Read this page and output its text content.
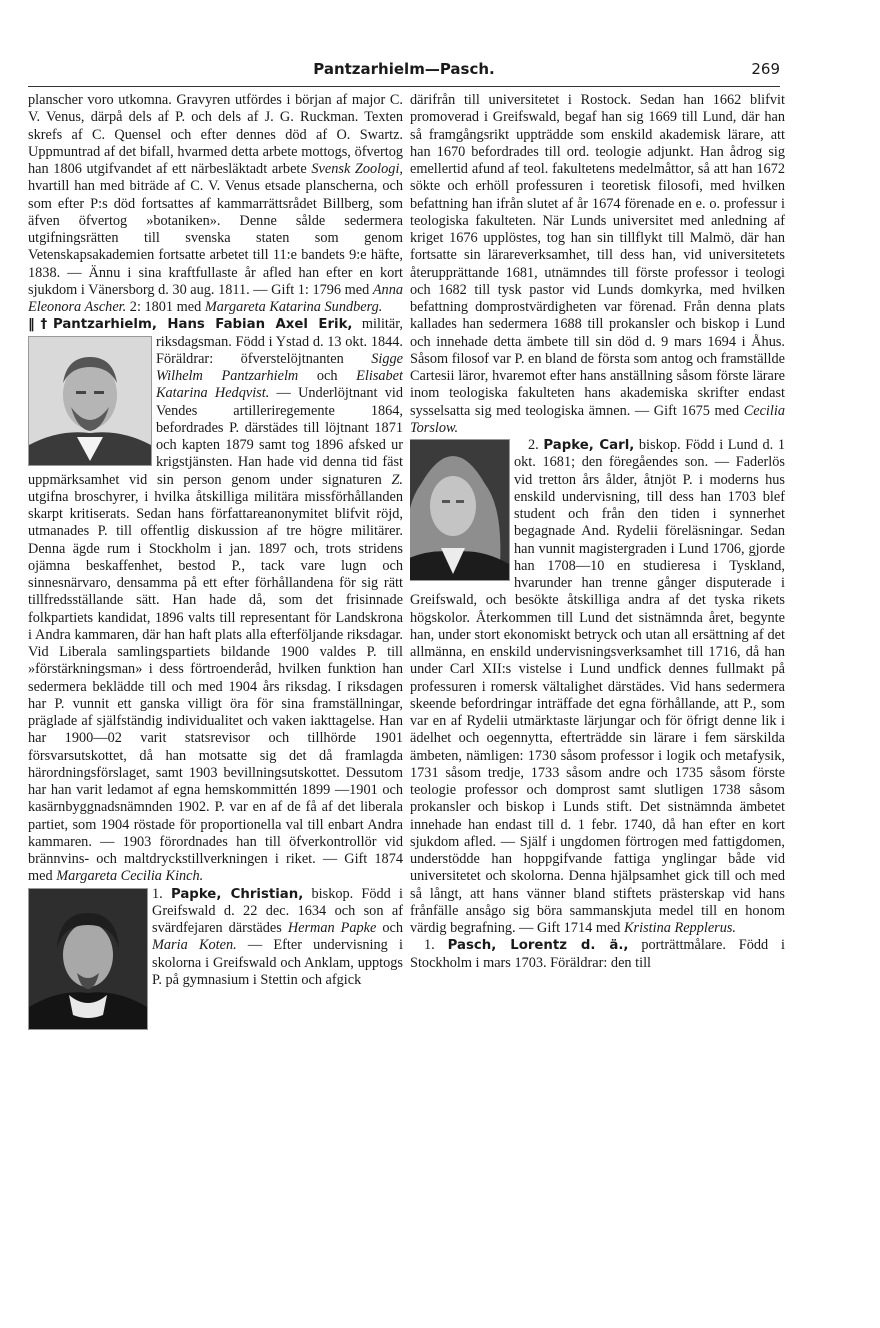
Pantzarhielm—Pasch.	269

planscher voro utkomna. Gravyren utfördes i början af major C. V. Venus, därpå dels af P. och dels af J. G. Ruckman. Texten skrefs af C. Quensel och efter dennes död af O. Swartz. Uppmuntrad af det bifall, hvarmed detta arbete mottogs, öfvertog han 1806 utgifvandet af ett närbesläktadt arbete Svensk Zoologi, hvartill han med biträde af C. V. Venus etsade planscherna, och som efter P:s död fortsattes af kammarrättsrådet Billberg, som äfven öfvertog »botaniken». Denne sålde sedermera utgifningsrätten till svenska staten som genom Vetenskapsakademien fortsatte arbetet till 11:e bandets 9:e häfte, 1838. — Ännu i sina kraftfullaste år afled han efter en kort sjukdom i Vänersborg d. 30 aug. 1811. — Gift 1: 1796 med Anna Eleonora Ascher. 2: 1801 med Margareta Katarina Sundberg.

‖†Pantzarhielm, Hans Fabian Axel Erik,
militär, riksdagsman. Född i Ystad d. 13 okt. 1844. Föräldrar: öfverstelöjtnanten Sigge Wilhelm Pantzarhielm och Elisabet Katarina Hedqvist. — Underlöjtnant vid Vendes artilleriregemente 1864, befordrades P. därstädes till löjtnant 1871 och kapten 1879 samt tog 1896 afsked ur krigstjänsten. Han hade vid denna tid fäst uppmärksamhet vid sin person genom under signaturen Z. utgifna broschyrer, i hvilka åtskilliga militära missförhållanden skarpt kritiserats. Sedan hans författareanonymitet blifvit röjd, utmanades P. till offentlig diskussion af tre högre militärer. Denna ägde rum i Stockholm i jan. 1897 och, trots stridens ojämna beskaffenhet, bestod P., tack vare lugn och sinnesnärvaro, densamma på ett efter förhållandena för sig rätt tillfredsställande sätt. Han hade då, som det frisinnade folkpartiets kandidat, 1896 valts till representant för Landskrona i Andra kammaren, där han haft plats alla efterföljande riksdagar. Vid Liberala samlingspartiets bildande 1900 valdes P. till »förstärkningsman» i dess förtroenderåd, hvilken funktion han sedermera beklädde till och med 1904 års riksdag. I riksdagen har P. vunnit ett ganska villigt öra för sina framställningar, präglade af själfständig individualitet och vaken iakttagelse. Han har 1900—02 varit statsrevisor och tillhörde 1901 försvarsutskottet, då han motsatte sig det då framlagda härordningsförslaget, samt 1903 bevillningsutskottet. Dessutom har han varit ledamot af egna hemskommittén 1899 —1901 och kasärnbyggnadsnämnden 1902. P. var en af de få af det liberala partiet, som 1904 röstade för proportionella val till enbart Andra kammaren. — 1903 förordnades han till öfverkontrollör vid brännvins- och maltdryckstillverkningen i riket. — Gift 1874 med Margareta Cecilia Kinch.

1. Papke, Christian, biskop. Född i Greifswald d. 22 dec. 1634 och son af svärdfejaren därstädes Herman Papke och Maria Koten. — Efter undervisning i skolorna i Greifswald och Anklam, upptogs P. på gymnasium i Stettin och afgick

därifrån till universitetet i Rostock. Sedan han 1662 blifvit promoverad i Greifswald, begaf han sig 1669 till Lund, där han så framgångsrikt uppträdde som enskild akademisk lärare, att han 1670 befordrades till ord. teologie adjunkt. Han ådrog sig emellertid afund af teol. fakultetens medelmåttor, så att han 1672 sökte och erhöll professuren i teoretisk filosofi, med hvilken befattning han ifrån slutet af år 1674 förenade en e. o. professur i teologiska fakulteten. När Lunds universitet med anledning af kriget 1676 upplöstes, tog han sin tillflykt till Malmö, där han fortsatte sin lärareverksamhet, till dess han, vid universitetets återupprättande 1681, utnämndes till förste professor i teologi och 1682 till tysk pastor vid Lunds domkyrka, med hvilken befattning domprostvärdigheten var förenad. Från denna plats kallades han sedermera 1688 till prokansler och biskop i Lund och innehade detta ämbete till sin död d. 9 mars 1694 i Åhus. Såsom filosof var P. en bland de första som antog och framställde Cartesii läror, hvaremot efter hans anställning såsom förste lärare inom teologiska fakulteten hans akademiska skrifter endast sysselsatta sig med teologiska ämnen. — Gift 1675 med Cecilia Torslow.

2. Papke, Carl,
biskop. Född i Lund d. 1 okt. 1681; den föregåendes son. — Faderlös vid tretton års ålder, åtnjöt P. i moderns hus enskild undervisning, till dess han 1703 blef student och från den tiden i synnerhet begagnade And. Rydelii föreläsningar. Sedan han vunnit magistergraden i Lund 1706, gjorde han 1708—10 en studieresa i Tyskland, hvarunder han trenne gånger disputerade i Greifswald, och besökte åtskilliga andra af det tyska rikets högskolor. Återkommen till Lund det sistnämnda året, begynte han, under stort ekonomiskt betryck och utan all ersättning af det allmänna, en enskild undervisningsverksamhet till 1716, då han under Carl XII:s vistelse i Lund undfick dennes fullmakt på professuren i romersk vältalighet därstädes. Vid hans sedermera skeende befordringar inträffade det egna förhållande, att P., som var en af Rydelii utmärktaste lärjungar och för öfrigt denne lik i ädelhet och oegennytta, efterträdde sin lärare i fem särskilda ämbeten, nämligen: 1730 såsom professor i logik och metafysik, 1731 såsom tredje, 1733 såsom andre och 1735 såsom förste teologie professor och domprost samt slutligen 1738 såsom prokansler och biskop i Lunds stift. Det sistnämnda ämbetet innehade han endast till d. 1 febr. 1740, då han efter en kort sjukdom afled. — Själf i ungdomen förtrogen med fattigdomen, understödde han hoppgifvande fattiga ynglingar både vid universitetet och skolorna. Denna hjälpsamhet gick till och med så långt, att hans vänner bland stiftets prästerskap vid hans frånfälle ansågo sig böra sammanskjuta medel till en honom värdig begrafning. — Gift 1714 med Kristina Repplerus.

1. Pasch, Lorentz d. ä., porträttmålare. Född i Stockholm i mars 1703. Föräldrar: den till
